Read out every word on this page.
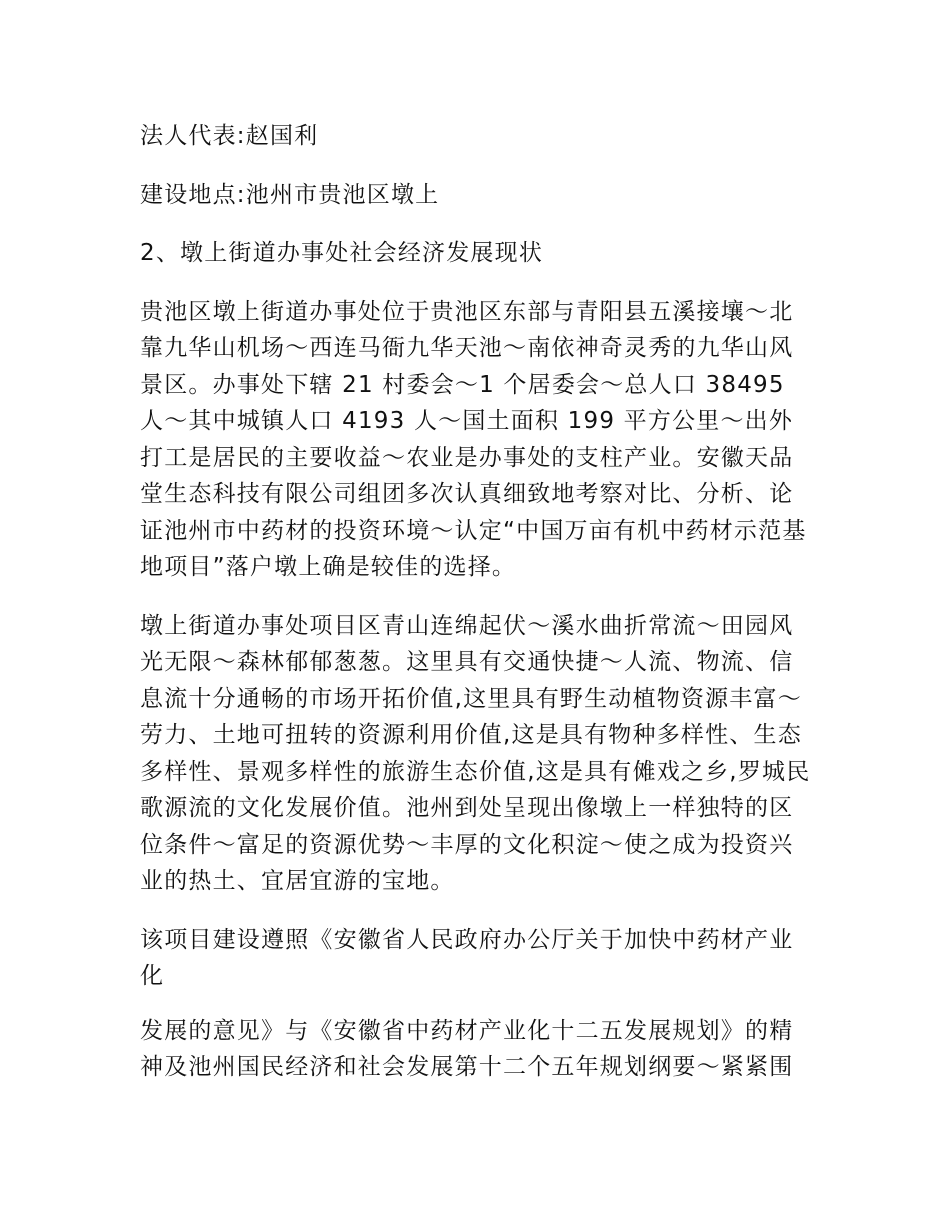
法人代表:赵国利

建设地点:池州市贵池区墩上

2、墩上街道办事处社会经济发展现状

贵池区墩上街道办事处位于贵池区东部与青阳县五溪接壤～北靠九华山机场～西连马衙九华天池～南依神奇灵秀的九华山风景区。办事处下辖 21 村委会～1 个居委会～总人口 38495 人～其中城镇人口 4193 人～国土面积 199 平方公里～出外打工是居民的主要收益～农业是办事处的支柱产业。安徽天品堂生态科技有限公司组团多次认真细致地考察对比、分析、论证池州市中药材的投资环境～认定“中国万亩有机中药材示范基地项目”落户墩上确是较佳的选择。

墩上街道办事处项目区青山连绵起伏～溪水曲折常流～田园风光无限～森林郁郁葱葱。这里具有交通快捷～人流、物流、信息流十分通畅的市场开拓价值,这里具有野生动植物资源丰富～劳力、土地可扭转的资源利用价值,这是具有物种多样性、生态多样性、景观多样性的旅游生态价值,这是具有傩戏之乡,罗城民歌源流的文化发展价值。池州到处呈现出像墩上一样独特的区位条件～富足的资源优势～丰厚的文化积淀～使之成为投资兴业的热土、宜居宜游的宝地。

该项目建设遵照《安徽省人民政府办公厅关于加快中药材产业化

发展的意见》与《安徽省中药材产业化十二五发展规划》的精神及池州国民经济和社会发展第十二个五年规划纲要～紧紧围
